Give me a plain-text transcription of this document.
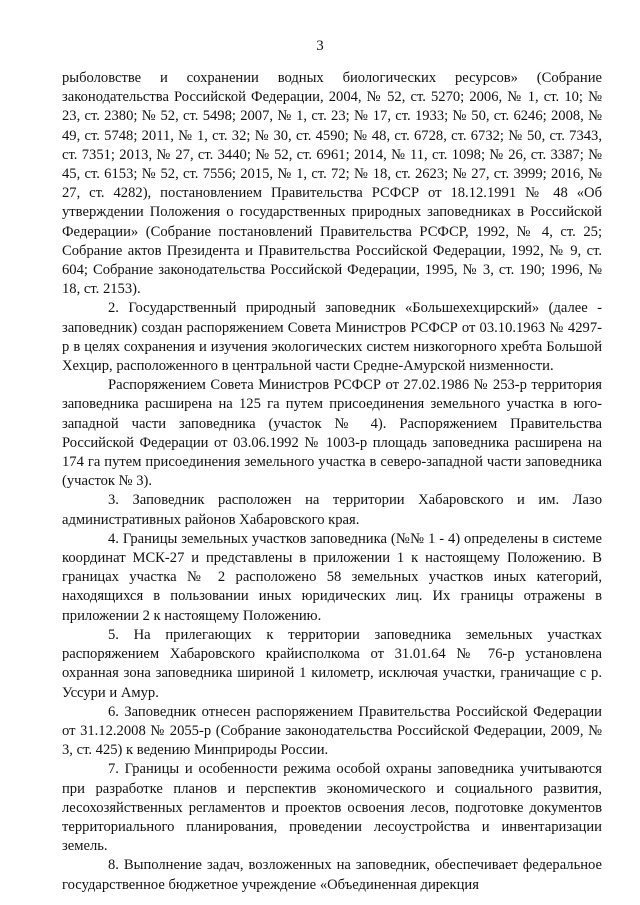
3

рыболовстве и сохранении водных биологических ресурсов» (Собрание законодательства Российской Федерации, 2004, № 52, ст. 5270; 2006, № 1, ст. 10; № 23, ст. 2380; № 52, ст. 5498; 2007, № 1, ст. 23; № 17, ст. 1933; № 50, ст. 6246; 2008, № 49, ст. 5748; 2011, № 1, ст. 32; № 30, ст. 4590; № 48, ст. 6728, ст. 6732; № 50, ст. 7343, ст. 7351; 2013, № 27, ст. 3440; № 52, ст. 6961; 2014, № 11, ст. 1098; № 26, ст. 3387; № 45, ст. 6153; № 52, ст. 7556; 2015, № 1, ст. 72; № 18, ст. 2623; № 27, ст. 3999; 2016, № 27, ст. 4282), постановлением Правительства РСФСР от 18.12.1991 № 48 «Об утверждении Положения о государственных природных заповедниках в Российской Федерации» (Собрание постановлений Правительства РСФСР, 1992, № 4, ст. 25; Собрание актов Президента и Правительства Российской Федерации, 1992, № 9, ст. 604; Собрание законодательства Российской Федерации, 1995, № 3, ст. 190; 1996, № 18, ст. 2153).

2. Государственный природный заповедник «Большехехцирский» (далее - заповедник) создан распоряжением Совета Министров РСФСР от 03.10.1963 № 4297-р в целях сохранения и изучения экологических систем низкогорного хребта Большой Хехцир, расположенного в центральной части Средне-Амурской низменности.

Распоряжением Совета Министров РСФСР от 27.02.1986 № 253-р территория заповедника расширена на 125 га путем присоединения земельного участка в юго-западной части заповедника (участок № 4). Распоряжением Правительства Российской Федерации от 03.06.1992 № 1003-р площадь заповедника расширена на 174 га путем присоединения земельного участка в северо-западной части заповедника (участок № 3).

3. Заповедник расположен на территории Хабаровского и им. Лазо административных районов Хабаровского края.

4. Границы земельных участков заповедника (№№ 1 - 4) определены в системе координат МСК-27 и представлены в приложении 1 к настоящему Положению. В границах участка № 2 расположено 58 земельных участков иных категорий, находящихся в пользовании иных юридических лиц. Их границы отражены в приложении 2 к настоящему Положению.

5. На прилегающих к территории заповедника земельных участках распоряжением Хабаровского крайисполкома от 31.01.64 № 76-р установлена охранная зона заповедника шириной 1 километр, исключая участки, граничащие с р. Уссури и Амур.

6. Заповедник отнесен распоряжением Правительства Российской Федерации от 31.12.2008 № 2055-р (Собрание законодательства Российской Федерации, 2009, № 3, ст. 425) к ведению Минприроды России.

7. Границы и особенности режима особой охраны заповедника учитываются при разработке планов и перспектив экономического и социального развития, лесохозяйственных регламентов и проектов освоения лесов, подготовке документов территориального планирования, проведении лесоустройства и инвентаризации земель.

8. Выполнение задач, возложенных на заповедник, обеспечивает федеральное государственное бюджетное учреждение «Объединенная дирекция
